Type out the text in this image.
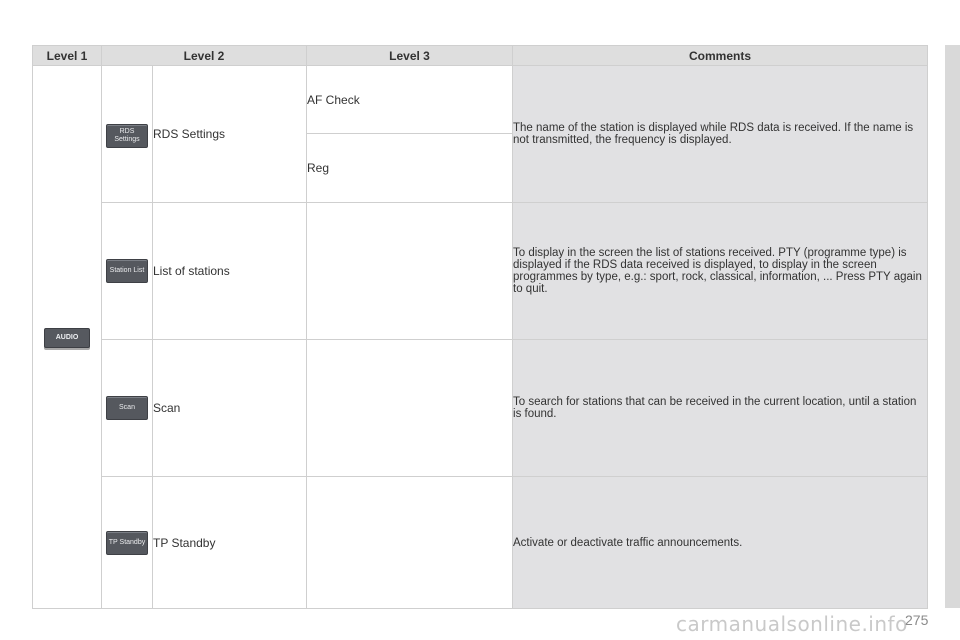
Level 1	Level 2		Level 3	Comments
AUDIO	RDS Settings	RDS Settings	AF Check	The name of the station is displayed while RDS data is received. If the name is not transmitted, the frequency is displayed.
			Reg	
	Station List	List of stations		To display in the screen the list of stations received. PTY (programme type) is displayed if the RDS data received is displayed, to display in the screen programmes by type, e.g.: sport, rock, classical, information, ... Press PTY again to quit.
	Scan	Scan		To search for stations that can be received in the current location, until a station is found.
	TP Standby	TP Standby		Activate or deactivate traffic announcements.
carmanualsonline.info
275
